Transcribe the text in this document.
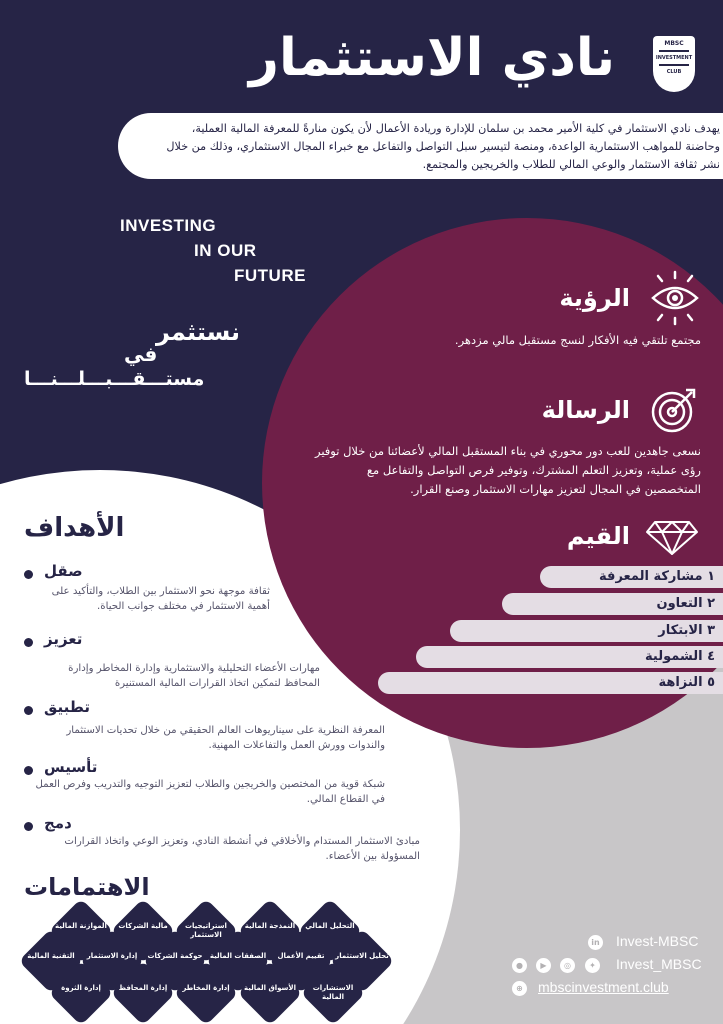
نادي الاستثمار	MBSC
INVESTMENT
CLUB
يهدف نادي الاستثمار في كلية الأمير محمد بن سلمان للإدارة وريادة الأعمال لأن يكون منارةً للمعرفة المالية العملية، وحاضنة للمواهب الاستثمارية الواعدة، ومنصة لتيسير سبل التواصل والتفاعل مع خبراء المجال الاستثماري، وذلك من خلال نشر ثقافة الاستثمار والوعي المالي للطلاب والخريجين والمجتمع.
INVESTING
IN OUR
FUTURE
نستثمر
في
مستـــقـــبـــلـــنـــا
الرؤية
مجتمع تلتقي فيه الأفكار لنسج مستقبل مالي مزدهر.
الرسالة
نسعى جاهدين للعب دور محوري في بناء المستقبل المالي لأعضائنا من خلال توفير رؤى عملية، وتعزيز التعلم المشترك، وتوفير فرص التواصل والتفاعل مع المتخصصين في المجال لتعزيز مهارات الاستثمار وصنع القرار.
القيم
١ مشاركة المعرفة
٢ التعاون
٣ الابتكار
٤ الشمولية
٥ النزاهة
الأهداف
صقل
ثقافة موجهة نحو الاستثمار بين الطلاب، والتأكيد على أهمية الاستثمار في مختلف جوانب الحياة.
تعزيز
مهارات الأعضاء التحليلية والاستثمارية وإدارة المخاطر وإدارة المحافظ لتمكين اتخاذ القرارات المالية المستنيرة
تطبيق
المعرفة النظرية على سيناريوهات العالم الحقيقي من خلال تحديات الاستثمار والندوات وورش العمل والتفاعلات المهنية.
تأسيس
شبكة قوية من المختصين والخريجين والطلاب لتعزيز التوجيه والتدريب وفرص العمل في القطاع المالي.
دمج
مبادئ الاستثمار المستدام والأخلاقي في أنشطة النادي، وتعزيز الوعي واتخاذ القرارات المسؤولة بين الأعضاء.
الاهتمامات
التحليل المالي
النمذجة المالية
استراتيجيات الاستثمار
مالية الشركات
الموازنة المالية
تحليل الاستثمار
تقييم الأعمال
الصفقات المالية
حوكمة الشركات
إدارة الاستثمار
التقنية المالية
الاستشارات المالية
الأسواق المالية
إدارة المخاطر
إدارة المحافظ
إدارة الثروة
in Invest-MBSC
●	▶	◎	✦ Invest_MBSC
⊕ mbscinvestment.club
